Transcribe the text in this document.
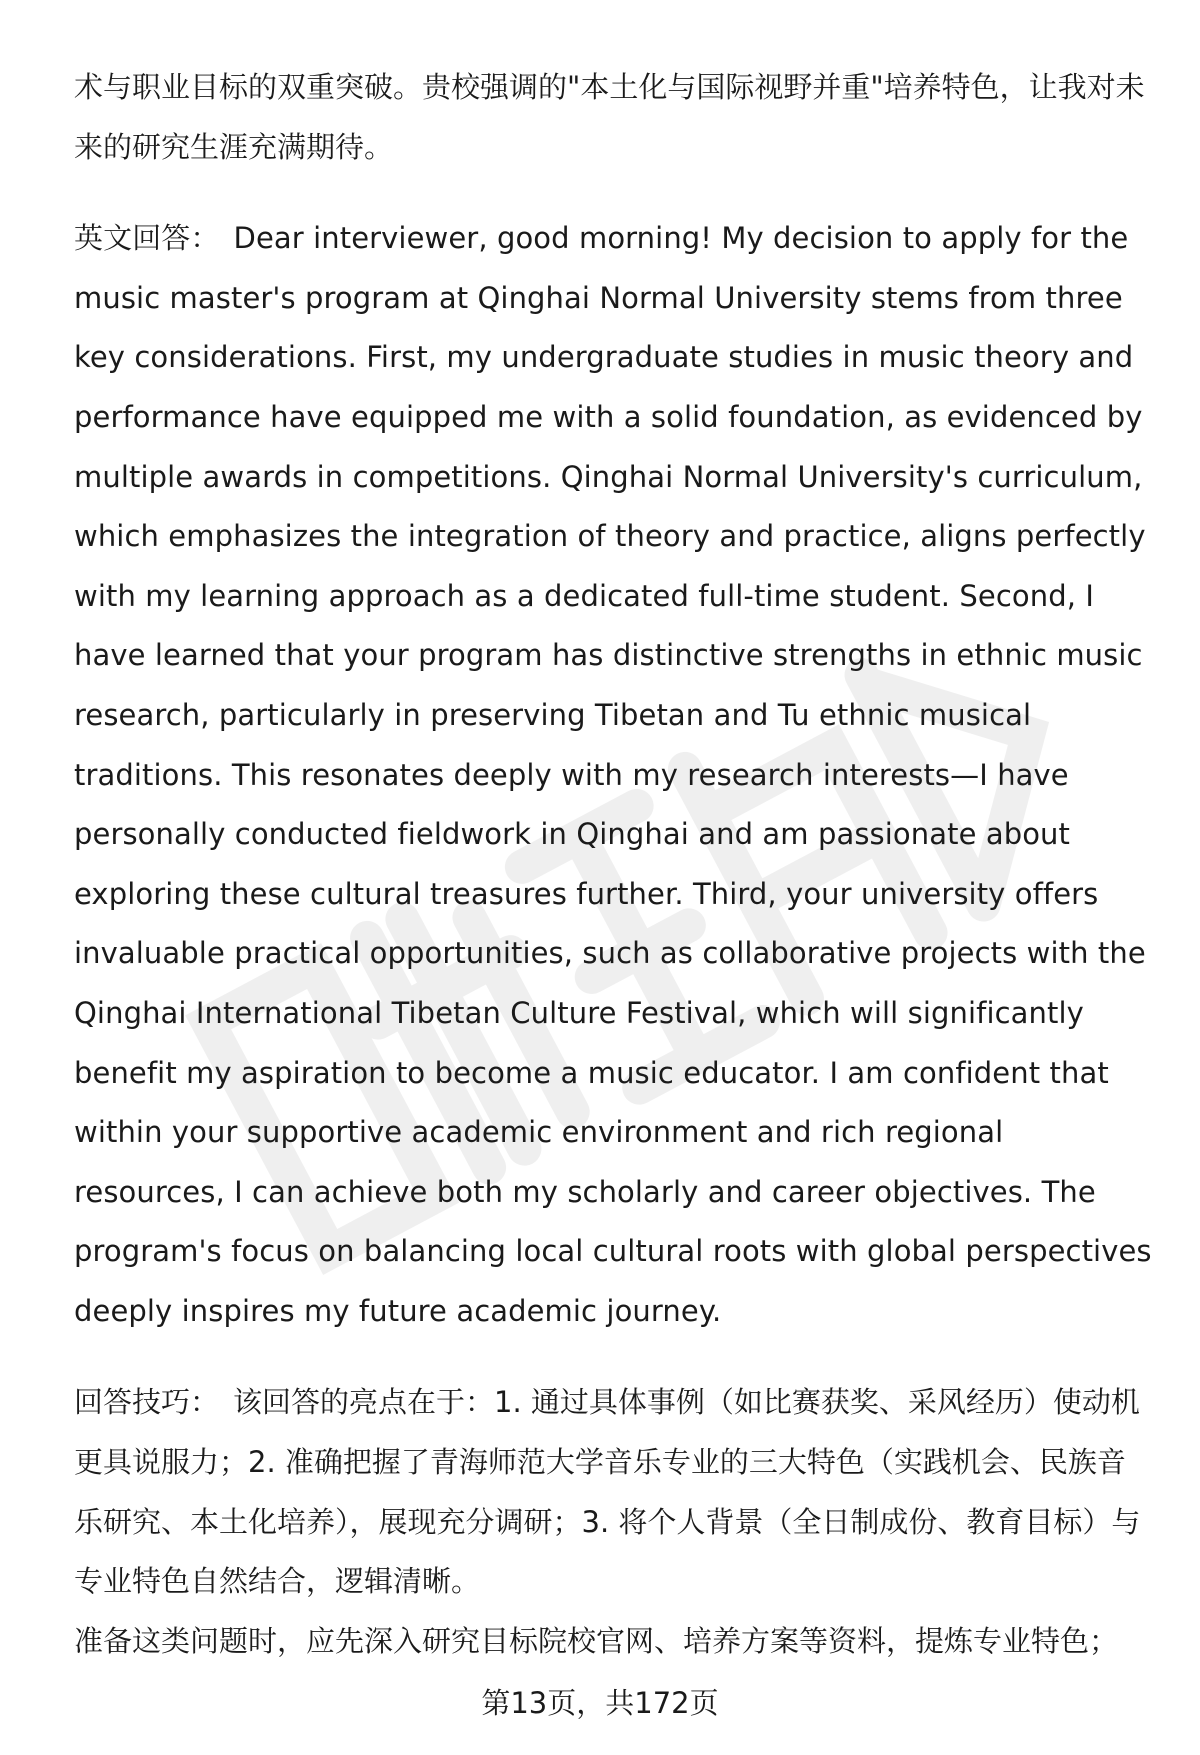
术与职业目标的双重突破。贵校强调的"本土化与国际视野并重"培养特色，让我对未来的研究生涯充满期待。

英文回答： Dear interviewer, good morning! My decision to apply for the music master's program at Qinghai Normal University stems from three key considerations. First, my undergraduate studies in music theory and performance have equipped me with a solid foundation, as evidenced by multiple awards in competitions. Qinghai Normal University's curriculum, which emphasizes the integration of theory and practice, aligns perfectly with my learning approach as a dedicated full-time student. Second, I have learned that your program has distinctive strengths in ethnic music research, particularly in preserving Tibetan and Tu ethnic musical traditions. This resonates deeply with my research interests—I have personally conducted fieldwork in Qinghai and am passionate about exploring these cultural treasures further. Third, your university offers invaluable practical opportunities, such as collaborative projects with the Qinghai International Tibetan Culture Festival, which will significantly benefit my aspiration to become a music educator. I am confident that within your supportive academic environment and rich regional resources, I can achieve both my scholarly and career objectives. The program's focus on balancing local cultural roots with global perspectives deeply inspires my future academic journey.

回答技巧： 该回答的亮点在于：1. 通过具体事例（如比赛获奖、采风经历）使动机更具说服力；2. 准确把握了青海师范大学音乐专业的三大特色（实践机会、民族音乐研究、本土化培养），展现充分调研；3. 将个人背景（全日制成份、教育目标）与专业特色自然结合，逻辑清晰。

准备这类问题时，应先深入研究目标院校官网、培养方案等资料，提炼专业特色；

第13页，共172页
